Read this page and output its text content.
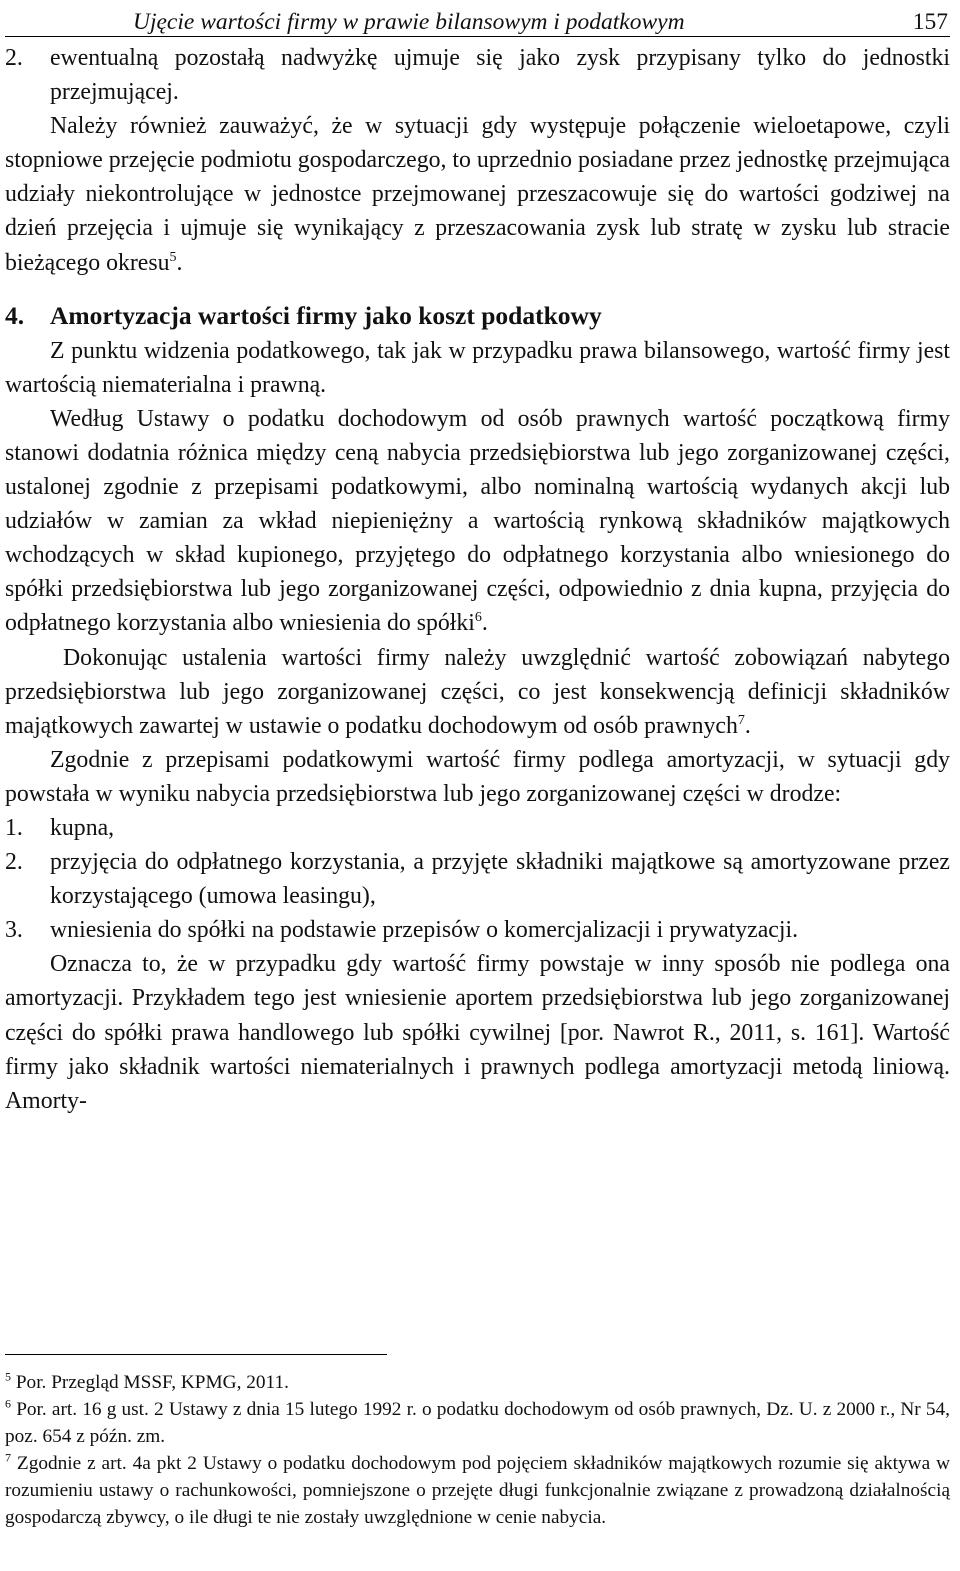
Ujęcie wartości firmy w prawie bilansowym i podatkowym	157
2.	ewentualną pozostałą nadwyżkę ujmuje się jako zysk przypisany tylko do jednostki przejmującej.

Należy również zauważyć, że w sytuacji gdy występuje połączenie wieloetapowe, czyli stopniowe przejęcie podmiotu gospodarczego, to uprzednio posiadane przez jednostkę przejmująca udziały niekontrolujące w jednostce przejmowanej przeszacowuje się do wartości godziwej na dzień przejęcia i ujmuje się wynikający z przeszacowania zysk lub stratę w zysku lub stracie bieżącego okresu$^5$.

4. Amortyzacja wartości firmy jako koszt podatkowy

Z punktu widzenia podatkowego, tak jak w przypadku prawa bilansowego, wartość firmy jest wartością niematerialna i prawną.

Według Ustawy o podatku dochodowym od osób prawnych wartość początkową firmy stanowi dodatnia różnica między ceną nabycia przedsiębiorstwa lub jego zorganizowanej części, ustalonej zgodnie z przepisami podatkowymi, albo nominalną wartością wydanych akcji lub udziałów w zamian za wkład niepieniężny a wartością rynkową składników majątkowych wchodzących w skład kupionego, przyjętego do odpłatnego korzystania albo wniesionego do spółki przedsiębiorstwa lub jego zorganizowanej części, odpowiednio z dnia kupna, przyjęcia do odpłatnego korzystania albo wniesienia do spółki$^6$.

Dokonując ustalenia wartości firmy należy uwzględnić wartość zobowiązań nabytego przedsiębiorstwa lub jego zorganizowanej części, co jest konsekwencją definicji składników majątkowych zawartej w ustawie o podatku dochodowym od osób prawnych$^7$.

Zgodnie z przepisami podatkowymi wartość firmy podlega amortyzacji, w sytuacji gdy powstała w wyniku nabycia przedsiębiorstwa lub jego zorganizowanej części w drodze:

1.	kupna,
2.	przyjęcia do odpłatnego korzystania, a przyjęte składniki majątkowe są amortyzowane przez korzystającego (umowa leasingu),
3.	wniesienia do spółki na podstawie przepisów o komercjalizacji i prywatyzacji.

Oznacza to, że w przypadku gdy wartość firmy powstaje w inny sposób nie podlega ona amortyzacji. Przykładem tego jest wniesienie aportem przedsiębiorstwa lub jego zorganizowanej części do spółki prawa handlowego lub spółki cywilnej [por. Nawrot R., 2011, s. 161]. Wartość firmy jako składnik wartości niematerialnych i prawnych podlega amortyzacji metodą liniową. Amorty-

$^5$ Por. Przegląd MSSF, KPMG, 2011.

$^6$ Por. art. 16 g ust. 2 Ustawy z dnia 15 lutego 1992 r. o podatku dochodowym od osób prawnych, Dz. U. z 2000 r., Nr 54, poz. 654 z późn. zm.

$^7$ Zgodnie z art. 4a pkt 2 Ustawy o podatku dochodowym pod pojęciem składników majątkowych rozumie się aktywa w rozumieniu ustawy o rachunkowości, pomniejszone o przejęte długi funkcjonalnie związane z prowadzoną działalnością gospodarczą zbywcy, o ile długi te nie zostały uwzględnione w cenie nabycia.
